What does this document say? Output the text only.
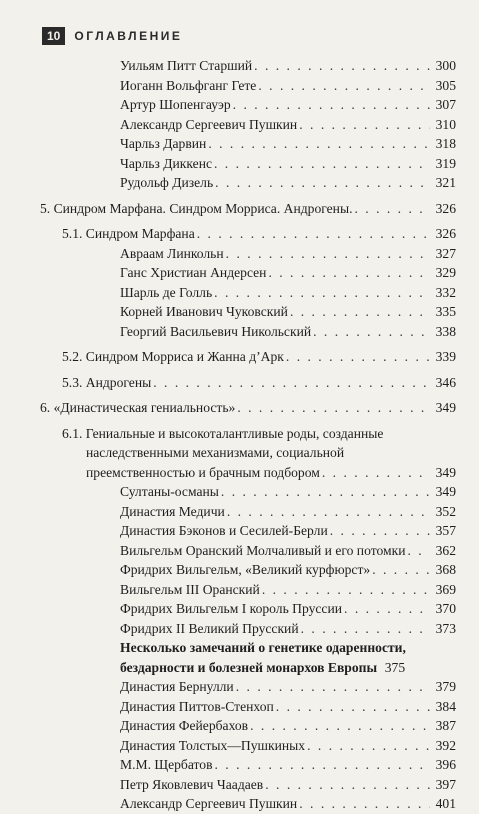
10	ОГЛАВЛЕНИЕ
Уильям Питт Старший . . .	300
Иоганн Вольфганг Гете . . .	305
Артур Шопенгауэр . . .	307
Александр Сергеевич Пушкин . . .	310
Чарльз Дарвин . . .	318
Чарльз Диккенс . . .	319
Рудольф Дизель . . .	321
5. Синдром Марфана. Синдром Морриса. Андрогены. . . .	326
5.1. Синдром Марфана . . .	326
Авраам Линкольн . . .	327
Ганс Христиан Андерсен . . .	329
Шарль де Голль . . .	332
Корней Иванович Чуковский . . .	335
Георгий Васильевич Никольский . . .	338
5.2. Синдром Морриса и Жанна д’Арк . . .	339
5.3. Андрогены . . .	346
6. «Династическая гениальность» . . .	349
6.1. Гениальные и высокоталантливые роды, созданные
наследственными механизмами, социальной
преемственностью и брачным подбором . . .	349
Султаны-османы . . .	349
Династия Медичи . . .	352
Династия Бэконов и Сесилей-Берли . . .	357
Вильгельм Оранский Молчаливый и его потомки . . . 362
Фридрих Вильгельм, «Великий курфюрст» . . .	368
Вильгельм III Оранский . . .	369
Фридрих Вильгельм I король Пруссии . . .	370
Фридрих II Великий Прусский . . .	373
Несколько замечаний о генетике одаренности,
бездарности и болезней монархов Европы 375
Династия Бернулли . . .	379
Династия Питтов-Стенхоп . . .	384
Династия Фейербахов . . .	387
Династия Толстых—Пушкиных . . .	392
М.М. Щербатов . . .	396
Петр Яковлевич Чаадаев . . .	397
Александр Сергеевич Пушкин . . .	401
